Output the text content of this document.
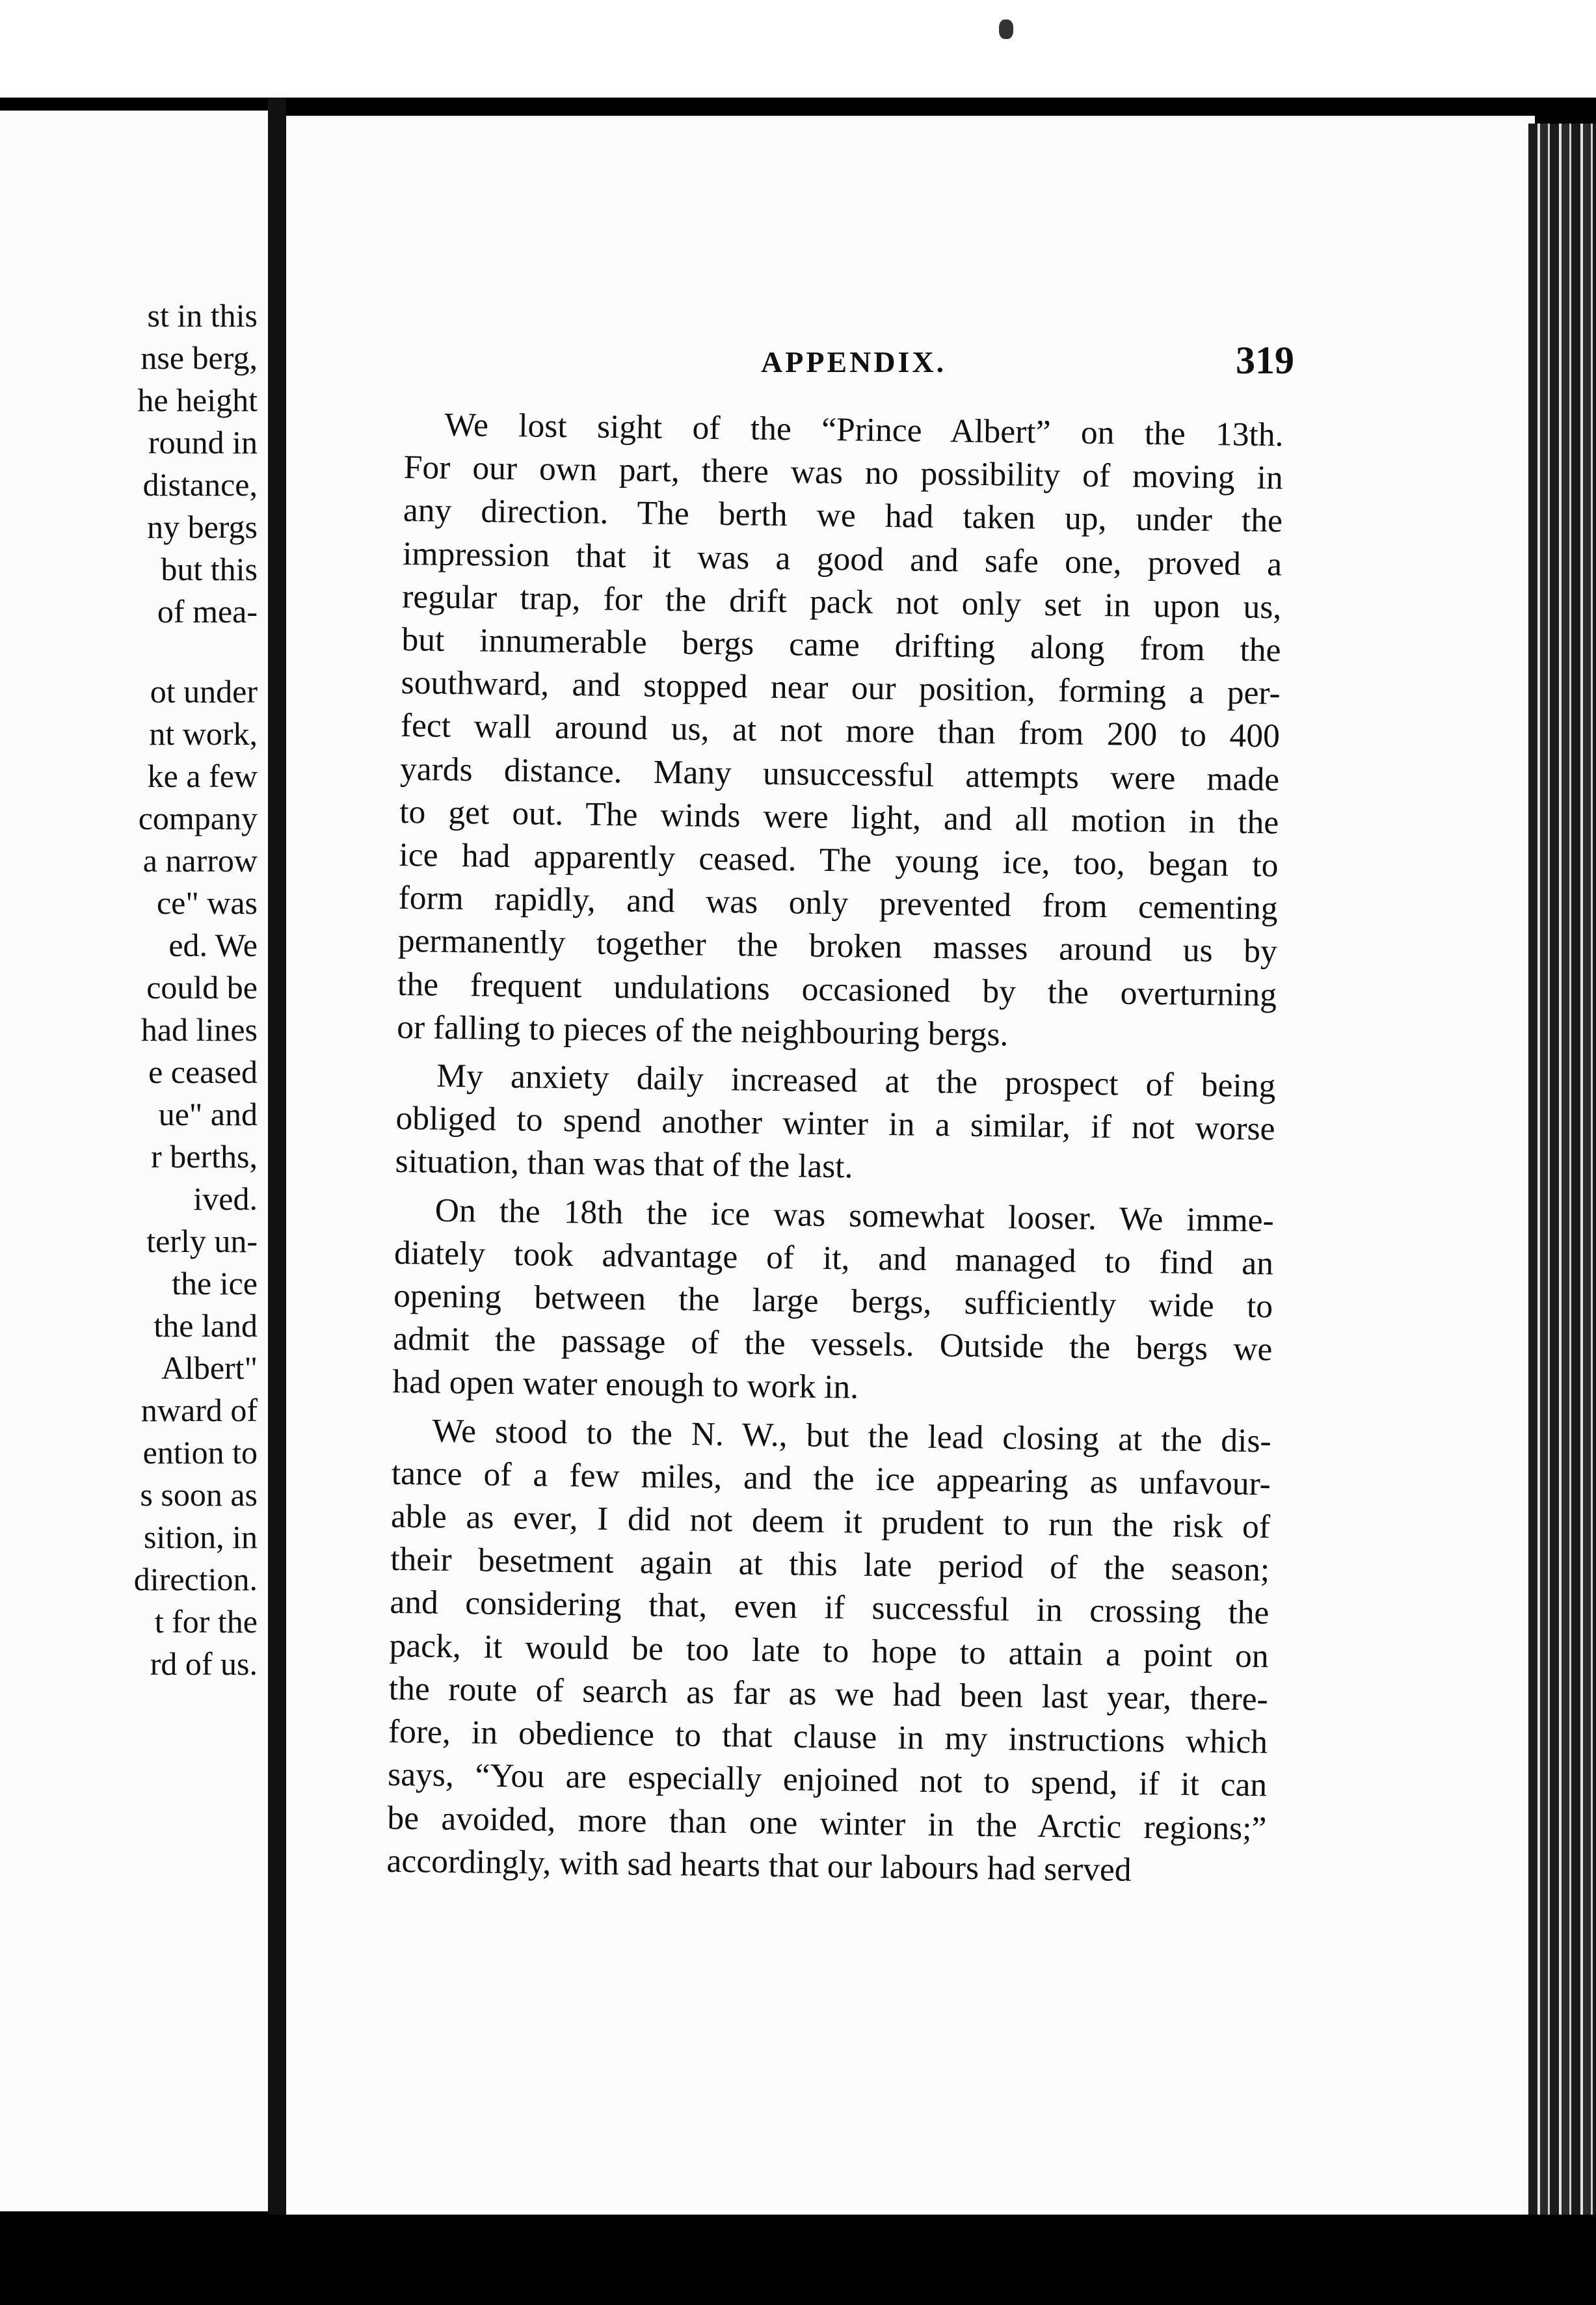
st in this
nse berg,
he height
round in
distance,
ny bergs
but this
of mea-
ot under
nt work,
ke a few
company
a narrow
ce" was
ed. We
could be
had lines
e ceased
ue" and
r berths,
ived.
terly un-
the ice
the land
Albert"
nward of
ention to
s soon as
sition, in
direction.
t for the
rd of us.
APPENDIX.	319

We lost sight of the “Prince Albert” on the 13th.
For our own part, there was no possibility of moving in
any direction. The berth we had taken up, under the
impression that it was a good and safe one, proved a
regular trap, for the drift pack not only set in upon us,
but innumerable bergs came drifting along from the
southward, and stopped near our position, forming a per-
fect wall around us, at not more than from 200 to 400
yards distance. Many unsuccessful attempts were made
to get out. The winds were light, and all motion in the
ice had apparently ceased. The young ice, too, began to
form rapidly, and was only prevented from cementing
permanently together the broken masses around us by
the frequent undulations occasioned by the overturning
or falling to pieces of the neighbouring bergs.

My anxiety daily increased at the prospect of being
obliged to spend another winter in a similar, if not worse
situation, than was that of the last.

On the 18th the ice was somewhat looser. We imme-
diately took advantage of it, and managed to find an
opening between the large bergs, sufficiently wide to
admit the passage of the vessels. Outside the bergs we
had open water enough to work in.

We stood to the N. W., but the lead closing at the dis-
tance of a few miles, and the ice appearing as unfavour-
able as ever, I did not deem it prudent to run the risk of
their besetment again at this late period of the season;
and considering that, even if successful in crossing the
pack, it would be too late to hope to attain a point on
the route of search as far as we had been last year, there-
fore, in obedience to that clause in my instructions which
says, “You are especially enjoined not to spend, if it can
be avoided, more than one winter in the Arctic regions;”
accordingly, with sad hearts that our labours had served
